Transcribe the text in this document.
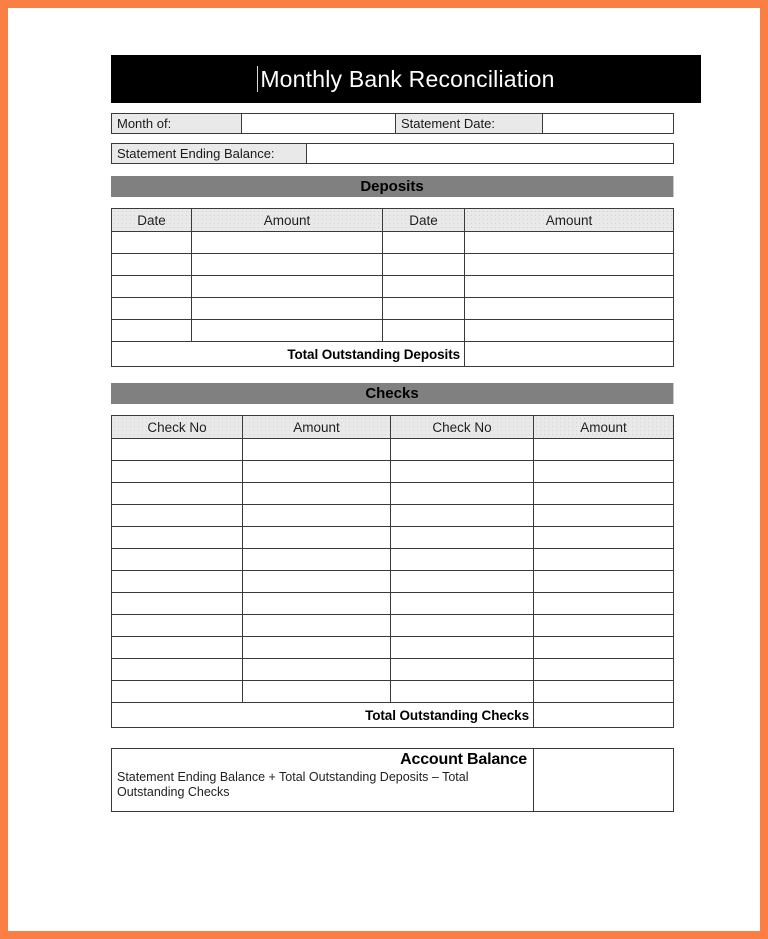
Monthly Bank Reconciliation
Month of:		Statement Date:	
Statement Ending Balance:	
Deposits
Date	Amount	Date	Amount

Total Outstanding Deposits			
Checks
Check No	Amount	Check No	Amount

Total Outstanding Checks			
Account Balance
Statement Ending Balance + Total Outstanding Deposits – Total Outstanding Checks
